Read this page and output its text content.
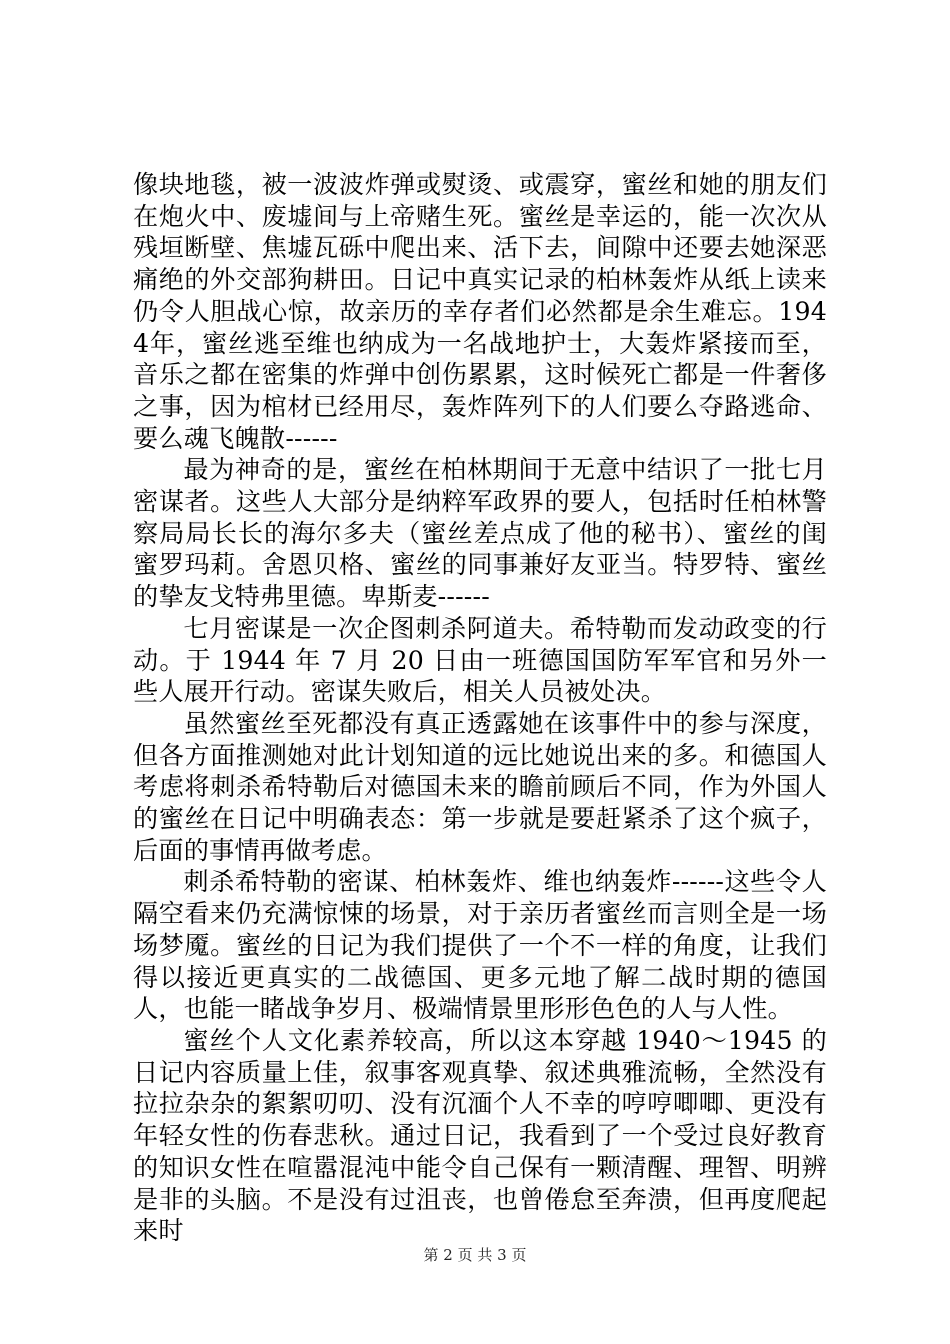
像块地毯，被一波波炸弹或熨烫、或震穿，蜜丝和她的朋友们在炮火中、废墟间与上帝赌生死。蜜丝是幸运的，能一次次从残垣断壁、焦墟瓦砾中爬出来、活下去，间隙中还要去她深恶痛绝的外交部狗耕田。日记中真实记录的柏林轰炸从纸上读来仍令人胆战心惊，故亲历的幸存者们必然都是余生难忘。1944年，蜜丝逃至维也纳成为一名战地护士，大轰炸紧接而至，音乐之都在密集的炸弹中创伤累累，这时候死亡都是一件奢侈之事，因为棺材已经用尽，轰炸阵列下的人们要么夺路逃命、要么魂飞魄散------

最为神奇的是，蜜丝在柏林期间于无意中结识了一批七月密谋者。这些人大部分是纳粹军政界的要人，包括时任柏林警察局局长长的海尔多夫（蜜丝差点成了他的秘书）、蜜丝的闺蜜罗玛莉。舍恩贝格、蜜丝的同事兼好友亚当。特罗特、蜜丝的挚友戈特弗里德。卑斯麦------

七月密谋是一次企图刺杀阿道夫。希特勒而发动政变的行动。于 1944 年 7 月 20 日由一班德国国防军军官和另外一些人展开行动。密谋失败后，相关人员被处决。

虽然蜜丝至死都没有真正透露她在该事件中的参与深度，但各方面推测她对此计划知道的远比她说出来的多。和德国人考虑将刺杀希特勒后对德国未来的瞻前顾后不同，作为外国人的蜜丝在日记中明确表态：第一步就是要赶紧杀了这个疯子，后面的事情再做考虑。

刺杀希特勒的密谋、柏林轰炸、维也纳轰炸------这些令人隔空看来仍充满惊悚的场景，对于亲历者蜜丝而言则全是一场场梦魇。蜜丝的日记为我们提供了一个不一样的角度，让我们得以接近更真实的二战德国、更多元地了解二战时期的德国人，也能一睹战争岁月、极端情景里形形色色的人与人性。

蜜丝个人文化素养较高，所以这本穿越 1940～1945 的日记内容质量上佳，叙事客观真挚、叙述典雅流畅，全然没有拉拉杂杂的絮絮叨叨、没有沉湎个人不幸的哼哼唧唧、更没有年轻女性的伤春悲秋。通过日记，我看到了一个受过良好教育的知识女性在喧嚣混沌中能令自己保有一颗清醒、理智、明辨是非的头脑。不是没有过沮丧，也曾倦怠至奔溃，但再度爬起来时

第 2 页 共 3 页
